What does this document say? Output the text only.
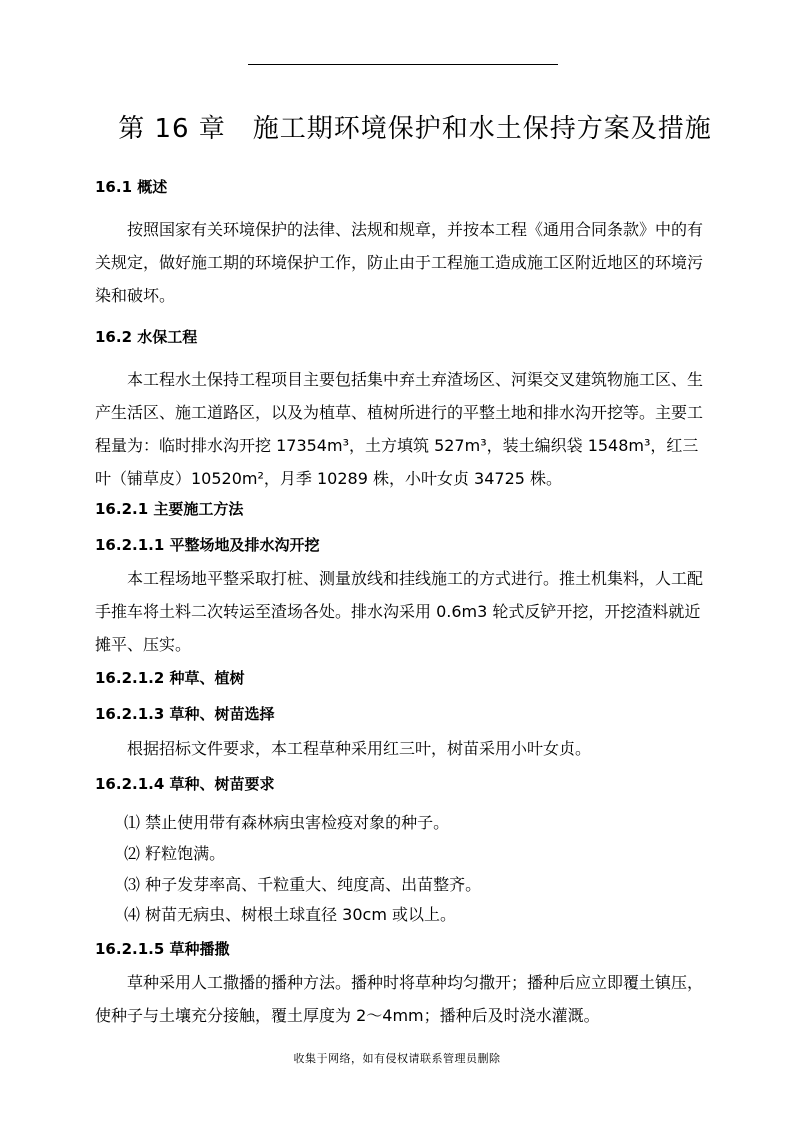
第 16 章　施工期环境保护和水土保持方案及措施
16.1 概述
按照国家有关环境保护的法律、法规和规章，并按本工程《通用合同条款》中的有关规定，做好施工期的环境保护工作，防止由于工程施工造成施工区附近地区的环境污染和破坏。
16.2 水保工程
本工程水土保持工程项目主要包括集中弃土弃渣场区、河渠交叉建筑物施工区、生产生活区、施工道路区，以及为植草、植树所进行的平整土地和排水沟开挖等。主要工程量为：临时排水沟开挖 17354m³，土方填筑 527m³，装土编织袋 1548m³，红三叶（铺草皮）10520m²，月季 10289 株，小叶女贞 34725 株。
16.2.1 主要施工方法
16.2.1.1 平整场地及排水沟开挖
本工程场地平整采取打桩、测量放线和挂线施工的方式进行。推土机集料，人工配手推车将土料二次转运至渣场各处。排水沟采用 0.6m3 轮式反铲开挖，开挖渣料就近摊平、压实。
16.2.1.2 种草、植树
16.2.1.3 草种、树苗选择
根据招标文件要求，本工程草种采用红三叶，树苗采用小叶女贞。
16.2.1.4 草种、树苗要求
⑴ 禁止使用带有森林病虫害检疫对象的种子。
⑵ 籽粒饱满。
⑶ 种子发芽率高、千粒重大、纯度高、出苗整齐。
⑷ 树苗无病虫、树根土球直径 30cm 或以上。
16.2.1.5 草种播撒
草种采用人工撒播的播种方法。播种时将草种均匀撒开；播种后应立即覆土镇压，使种子与土壤充分接触，覆土厚度为 2～4mm；播种后及时浇水灌溉。
收集于网络，如有侵权请联系管理员删除
